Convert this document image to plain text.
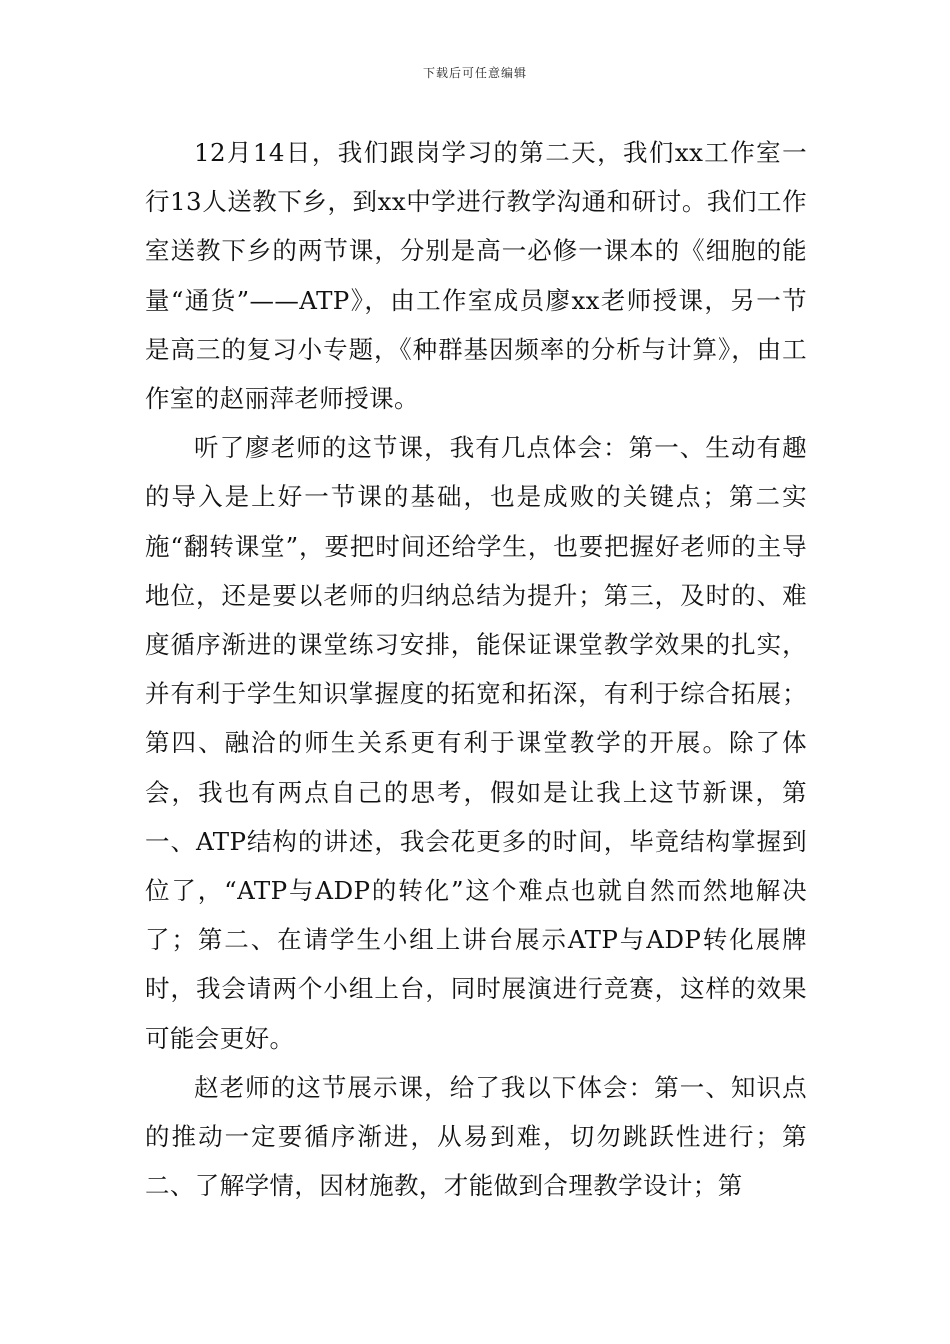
下载后可任意编辑

12月14日，我们跟岗学习的第二天，我们xx工作室一行13人送教下乡，到xx中学进行教学沟通和研讨。我们工作室送教下乡的两节课，分别是高一必修一课本的《细胞的能量“通货”——ATP》，由工作室成员廖xx老师授课，另一节是高三的复习小专题，《种群基因频率的分析与计算》，由工作室的赵丽萍老师授课。

听了廖老师的这节课，我有几点体会：第一、生动有趣的导入是上好一节课的基础，也是成败的关键点；第二实施“翻转课堂”，要把时间还给学生，也要把握好老师的主导地位，还是要以老师的归纳总结为提升；第三，及时的、难度循序渐进的课堂练习安排，能保证课堂教学效果的扎实，并有利于学生知识掌握度的拓宽和拓深，有利于综合拓展；第四、融洽的师生关系更有利于课堂教学的开展。除了体会，我也有两点自己的思考，假如是让我上这节新课，第一、ATP结构的讲述，我会花更多的时间，毕竟结构掌握到位了，“ATP与ADP的转化”这个难点也就自然而然地解决了；第二、在请学生小组上讲台展示ATP与ADP转化展牌时，我会请两个小组上台，同时展演进行竞赛，这样的效果可能会更好。

赵老师的这节展示课，给了我以下体会：第一、知识点的推动一定要循序渐进，从易到难，切勿跳跃性进行；第二、了解学情，因材施教，才能做到合理教学设计；第
